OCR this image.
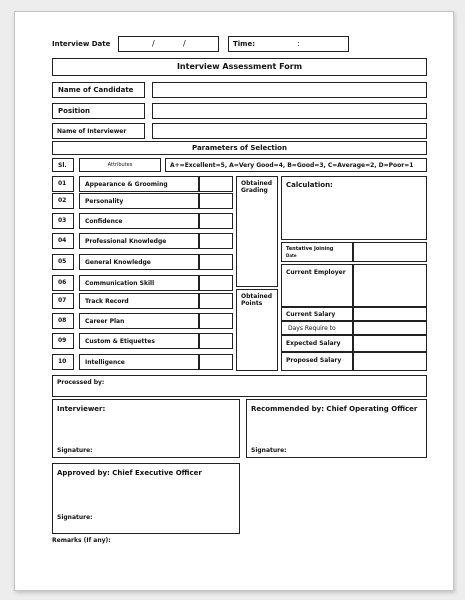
Interview Date	/	/	Time:	:
Interview Assessment Form
Name of Candidate
Position
Name of Interviewer
Parameters of Selection
Sl.	Attributes	A+=Excellent=5, A=Very Good=4, B=Good=3, C=Average=2, D=Poor=1
01	Appearance & Grooming
02	Personality
03	Confidence
04	Professional Knowledge
05	General Knowledge
06	Communication Skill
07	Track Record
08	Career Plan
09	Custom & Etiquettes
10	Intelligence
Obtained
Grading
Obtained
Points
Calculation:
Tentative Joining
Date
Current Employer
Current Salary
Days Require to
Expected Salary
Proposed Salary
Processed by:
Interviewer:
Signature:
Recommended by: Chief Operating Officer
Signature:
Approved by: Chief Executive Officer
Signature:
Remarks (If any):
